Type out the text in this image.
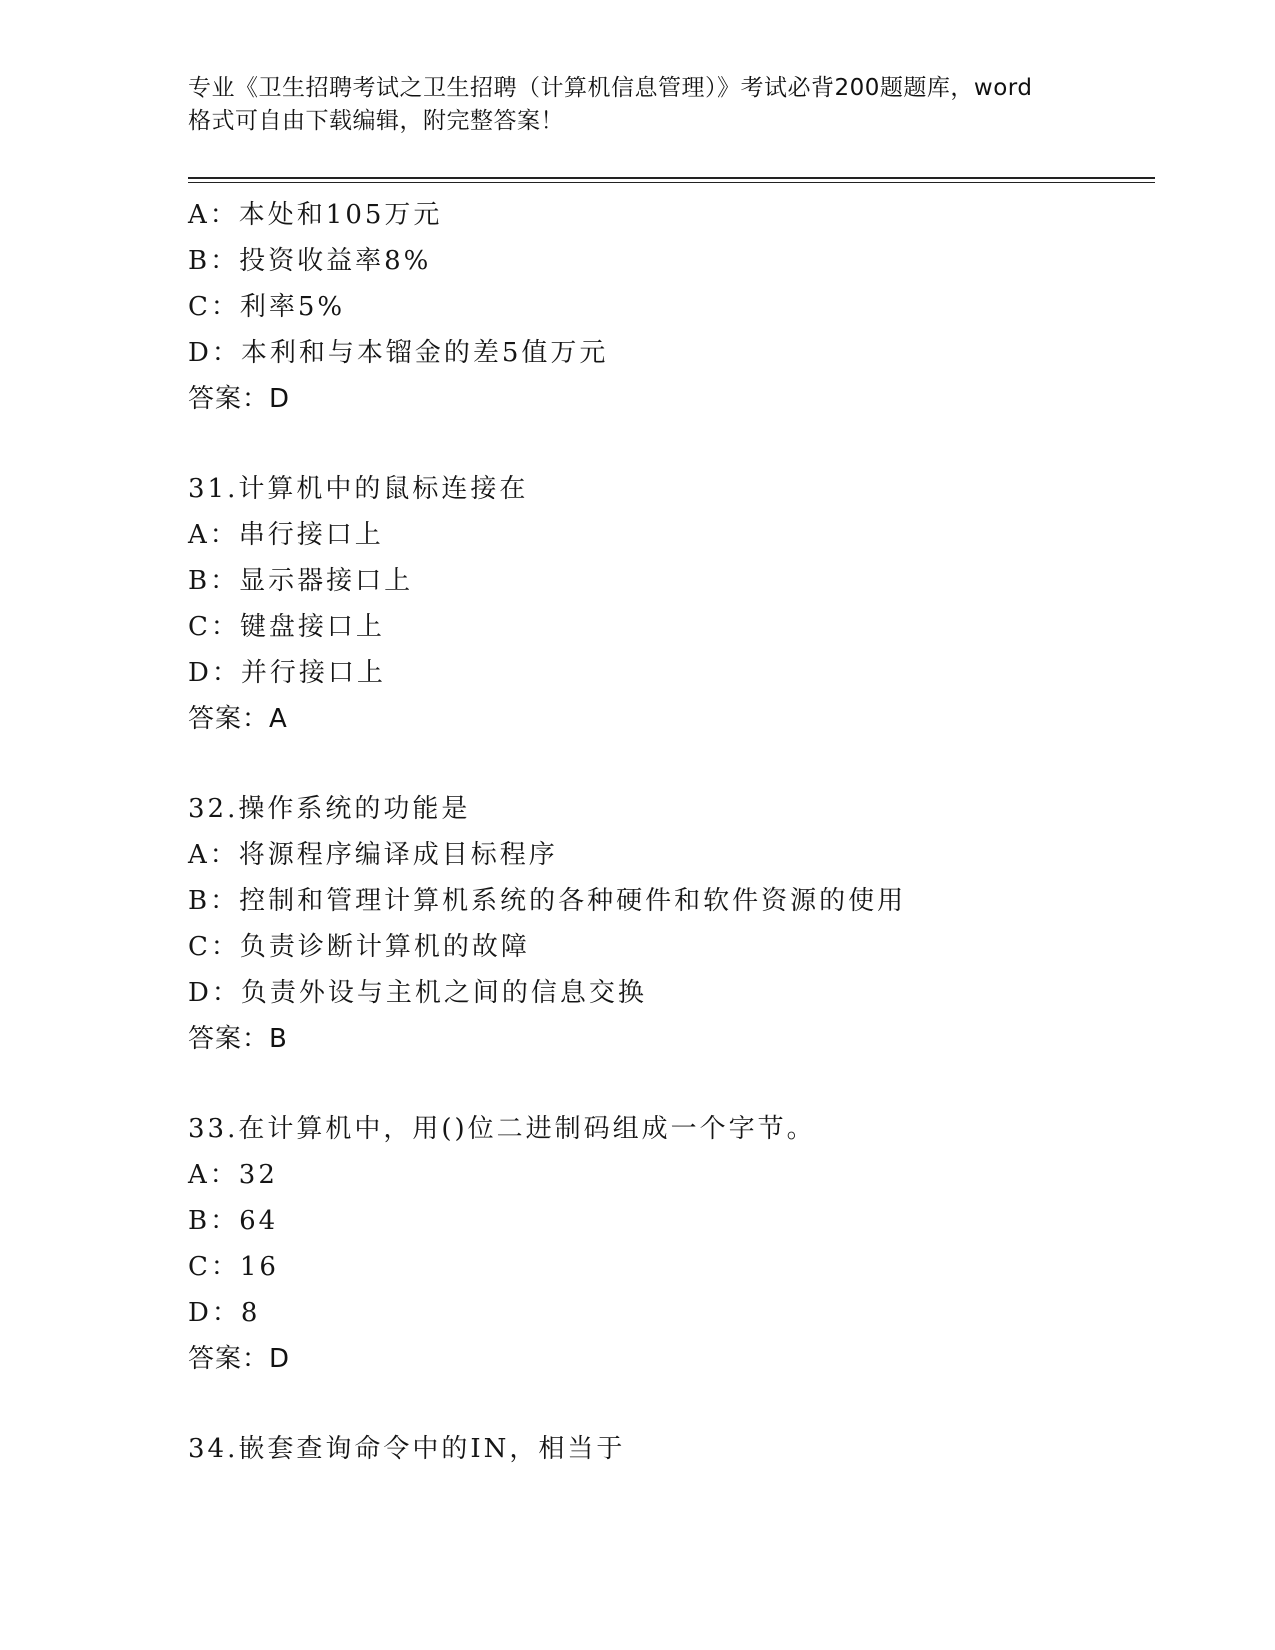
专业《卫生招聘考试之卫生招聘（计算机信息管理）》考试必背200题题库，word
格式可自由下载编辑，附完整答案！
A：本处和105万元
B：投资收益率8%
C：利率5%
D：本利和与本镏金的差5值万元
答案：D
31.计算机中的鼠标连接在
A：串行接口上
B：显示器接口上
C：键盘接口上
D：并行接口上
答案：A
32.操作系统的功能是
A：将源程序编译成目标程序
B：控制和管理计算机系统的各种硬件和软件资源的使用
C：负责诊断计算机的故障
D：负责外设与主机之间的信息交换
答案：B
33.在计算机中，用()位二进制码组成一个字节。
A：32
B：64
C：16
D：8
答案：D
34.嵌套查询命令中的IN，相当于
